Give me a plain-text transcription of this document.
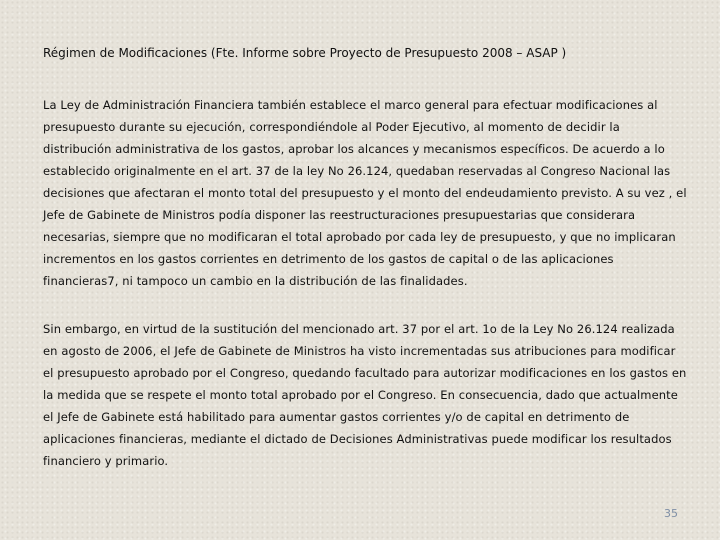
Régimen de Modificaciones (Fte. Informe sobre Proyecto de Presupuesto 2008 – ASAP )
La Ley de Administración Financiera también establece el marco general para efectuar modificaciones al presupuesto durante su ejecución, correspondiéndole al Poder Ejecutivo, al momento de decidir la distribución administrativa de los gastos, aprobar los alcances y mecanismos específicos. De acuerdo a lo establecido originalmente en el art. 37 de la ley No 26.124, quedaban reservadas al Congreso Nacional las decisiones que afectaran el monto total del presupuesto y el monto del endeudamiento previsto. A su vez , el Jefe de Gabinete de Ministros podía disponer las reestructuraciones presupuestarias que considerara necesarias, siempre que no modificaran el total aprobado por cada ley de presupuesto, y que no implicaran incrementos en los gastos corrientes en detrimento de los gastos de capital o de las aplicaciones financieras7, ni tampoco un cambio en la distribución de las finalidades.
Sin embargo, en virtud de la sustitución del mencionado art. 37 por el art. 1o de la Ley No 26.124 realizada en agosto de 2006, el Jefe de Gabinete de Ministros ha visto incrementadas sus atribuciones para modificar el presupuesto aprobado por el Congreso, quedando facultado para autorizar modificaciones en los gastos en la medida que se respete el monto total aprobado por el Congreso. En consecuencia, dado que actualmente el Jefe de Gabinete está habilitado para aumentar gastos corrientes y/o de capital en detrimento de aplicaciones financieras, mediante el dictado de Decisiones Administrativas puede modificar los resultados financiero y primario.
35
